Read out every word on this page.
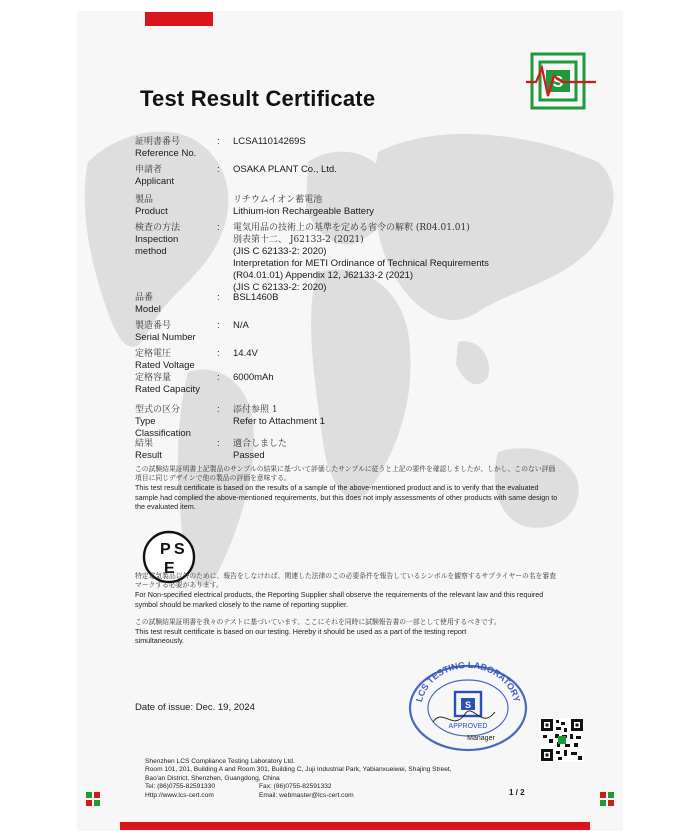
Test Result Certificate
S
証明書番号
Reference No.
: LCSA11014269S
申請者
Applicant
: OSAKA PLANT Co., Ltd.
製品
Product
リチウムイオン蓄電池
Lithium-ion Rechargeable Battery
検査の方法
Inspection method
: 電気用品の技術上の基準を定める省令の解釈 (R04.01.01)
別表第十二、 J62133-2 (2021)
(JIS C 62133-2: 2020)
Interpretation for METI Ordinance of Technical Requirements
(R04.01.01) Appendix 12, J62133-2 (2021)
(JIS C 62133-2: 2020)
品番
Model
: BSL1460B
製造番号
Serial Number
: N/A
定格電圧
Rated Voltage
: 14.4V
定格容量
Rated Capacity
: 6000mAh
型式の区分
Type Classification
: 添付参照 1
Refer to Attachment 1
結果
Result
: 適合しました
Passed
この試験結果証明書上記製品のサンプルの結果に基づいて評価したサンプルに従うと上記の要件を確認しましたが、しかし、このない評価項目に同じデザインで他の製品の評価を意味する。
This test result certificate is based on the results of a sample of the above-mentioned product and is to verify that the evaluated sample had complied the above-mentioned requirements, but this does not imply assessments of other products with same design to the evaluated item.
P S
E
特定電気製品以外のために、報告をしなければ、関連した法律のこの必要条件を報告しているシンボルを観察するサプライヤーの名を審査マークする必要があります。
For Non-specified electrical products, the Reporting Supplier shall observe the requirements of the relevant law and this required symbol should be marked closely to the name of reporting supplier.
この試験結果証明書を我々のテストに基づいています。ここにそれを同時に試験報告書の一部として使用するべきです。
This test result certificate is based on our testing. Hereby it should be used as a part of the testing report simultaneously.
Date of issue: Dec. 19, 2024
LCS TESTING LABORATORY
S
APPROVED
Manager
Shenzhen LCS Compliance Testing Laboratory Ltd.
Room 101, 201, Building A and Room 301, Building C, Juji Industrial Park, Yabianxueiwei, Shajing Street,
Bao'an District, Shenzhen, Guangdong, China
Tel: (86)0755-82591330	Fax: (86)0755-82591332
Http://www.lcs-cert.com	Email: webmaster@lcs-cert.com	1 / 2
